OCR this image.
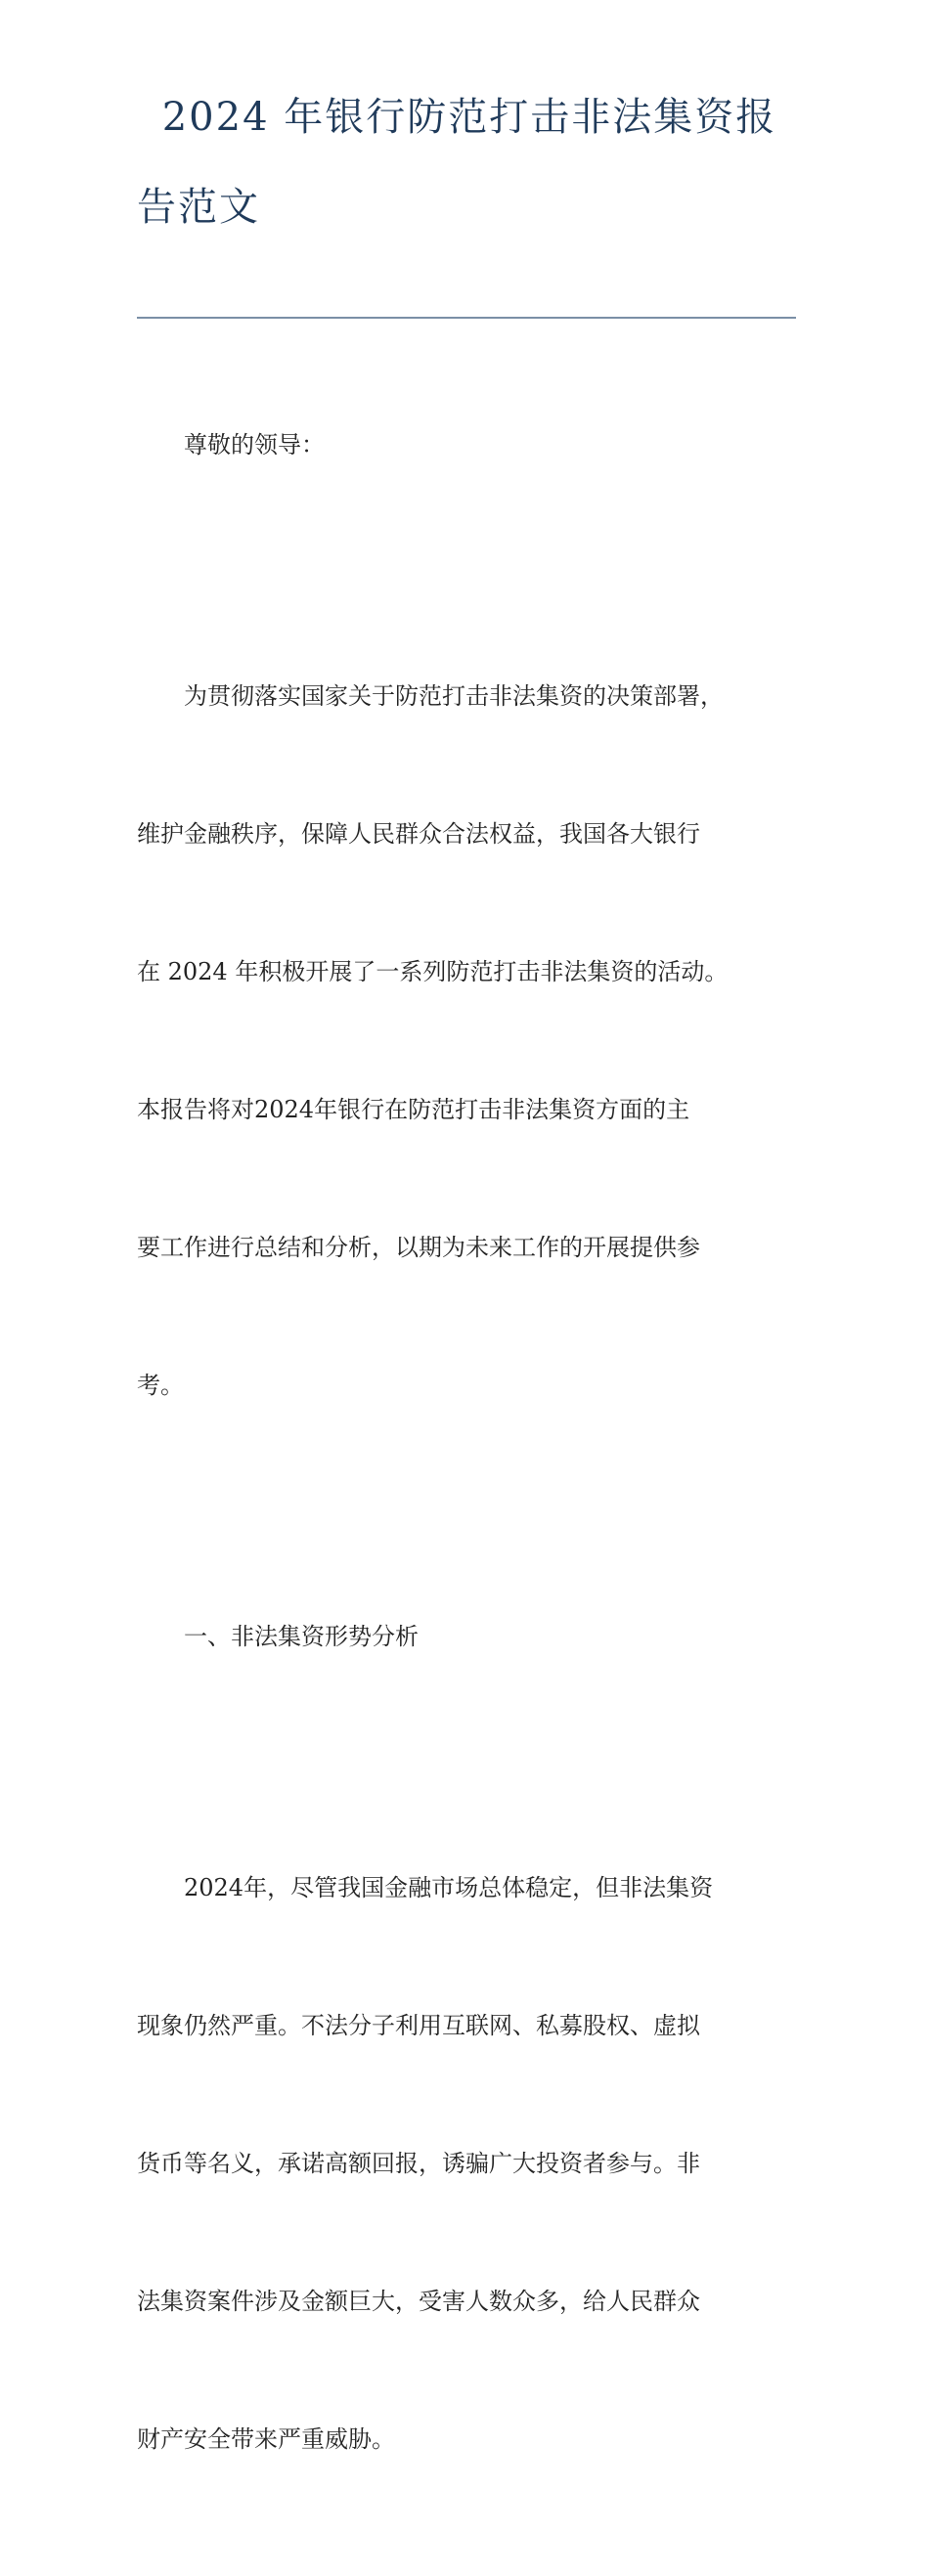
2024 年银行防范打击非法集资报
告范文

尊敬的领导：

为贯彻落实国家关于防范打击非法集资的决策部署，

维护金融秩序，保障人民群众合法权益，我国各大银行

在 2024 年积极开展了一系列防范打击非法集资的活动。

本报告将对2024年银行在防范打击非法集资方面的主

要工作进行总结和分析，以期为未来工作的开展提供参

考。

一、非法集资形势分析

2024年，尽管我国金融市场总体稳定，但非法集资

现象仍然严重。不法分子利用互联网、私募股权、虚拟

货币等名义，承诺高额回报，诱骗广大投资者参与。非

法集资案件涉及金额巨大，受害人数众多，给人民群众

财产安全带来严重威胁。
